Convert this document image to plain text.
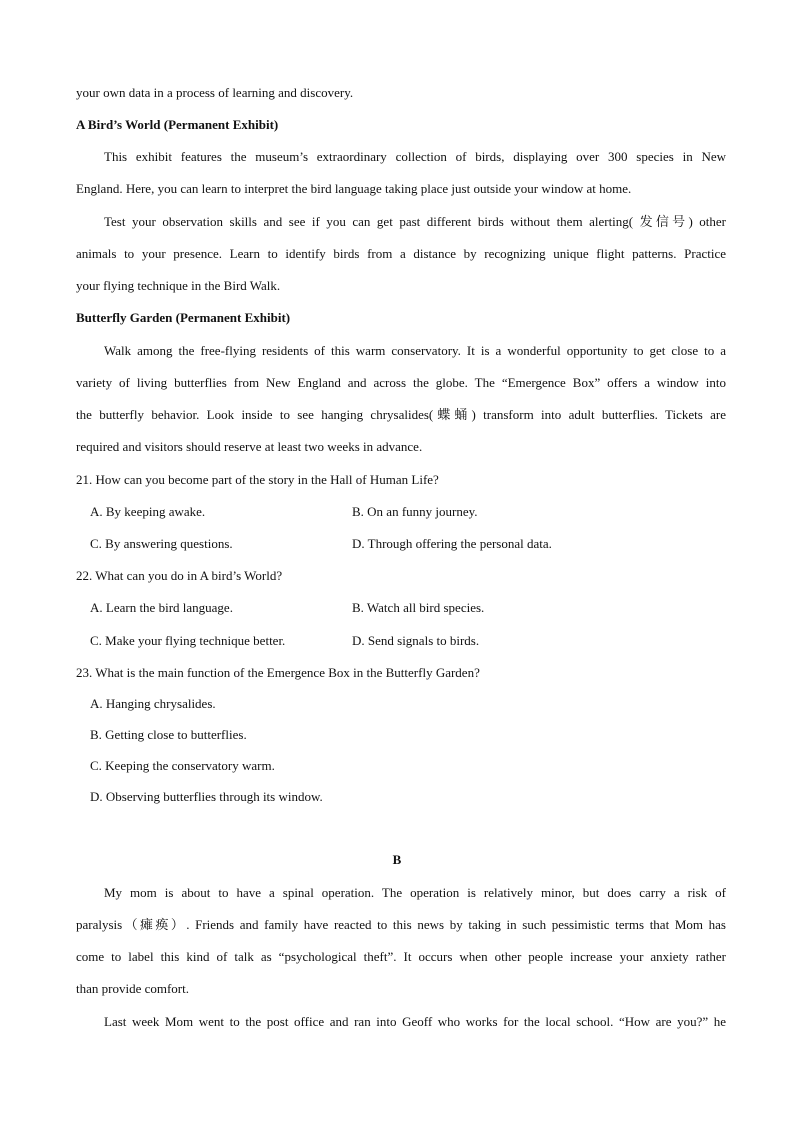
your own data in a process of learning and discovery.
A Bird’s World (Permanent Exhibit)
This exhibit features the museum’s extraordinary collection of birds, displaying over 300 species in New
England. Here, you can learn to interpret the bird language taking place just outside your window at home.
Test your observation skills and see if you can get past different birds without them alerting( 发信号) other
animals to your presence. Learn to identify birds from a distance by recognizing unique flight patterns. Practice
your flying technique in the Bird Walk.
Butterfly Garden (Permanent Exhibit)
Walk among the free-flying residents of this warm conservatory. It is a wonderful opportunity to get close to a
variety of living butterflies from New England and across the globe. The “Emergence Box” offers a window into
the butterfly behavior. Look inside to see hanging chrysalides(蝶蛹) transform into adult butterflies. Tickets are
required and visitors should reserve at least two weeks in advance.
21. How can you become part of the story in the Hall of Human Life?
A. By keeping awake.	B. On an funny journey.
C. By answering questions.	D. Through offering the personal data.
22. What can you do in A bird’s World?
A. Learn the bird language.	B. Watch all bird species.
C. Make your flying technique better.	D. Send signals to birds.
23. What is the main function of the Emergence Box in the Butterfly Garden?
A. Hanging chrysalides.
B. Getting close to butterflies.
C. Keeping the conservatory warm.
D. Observing butterflies through its window.
B
My mom is about to have a spinal operation. The operation is relatively minor, but does carry a risk of
paralysis（瘫痪）. Friends and family have reacted to this news by taking in such pessimistic terms that Mom has
come to label this kind of talk as “psychological theft”. It occurs when other people increase your anxiety rather
than provide comfort.
Last week Mom went to the post office and ran into Geoff who works for the local school. “How are you?” he
